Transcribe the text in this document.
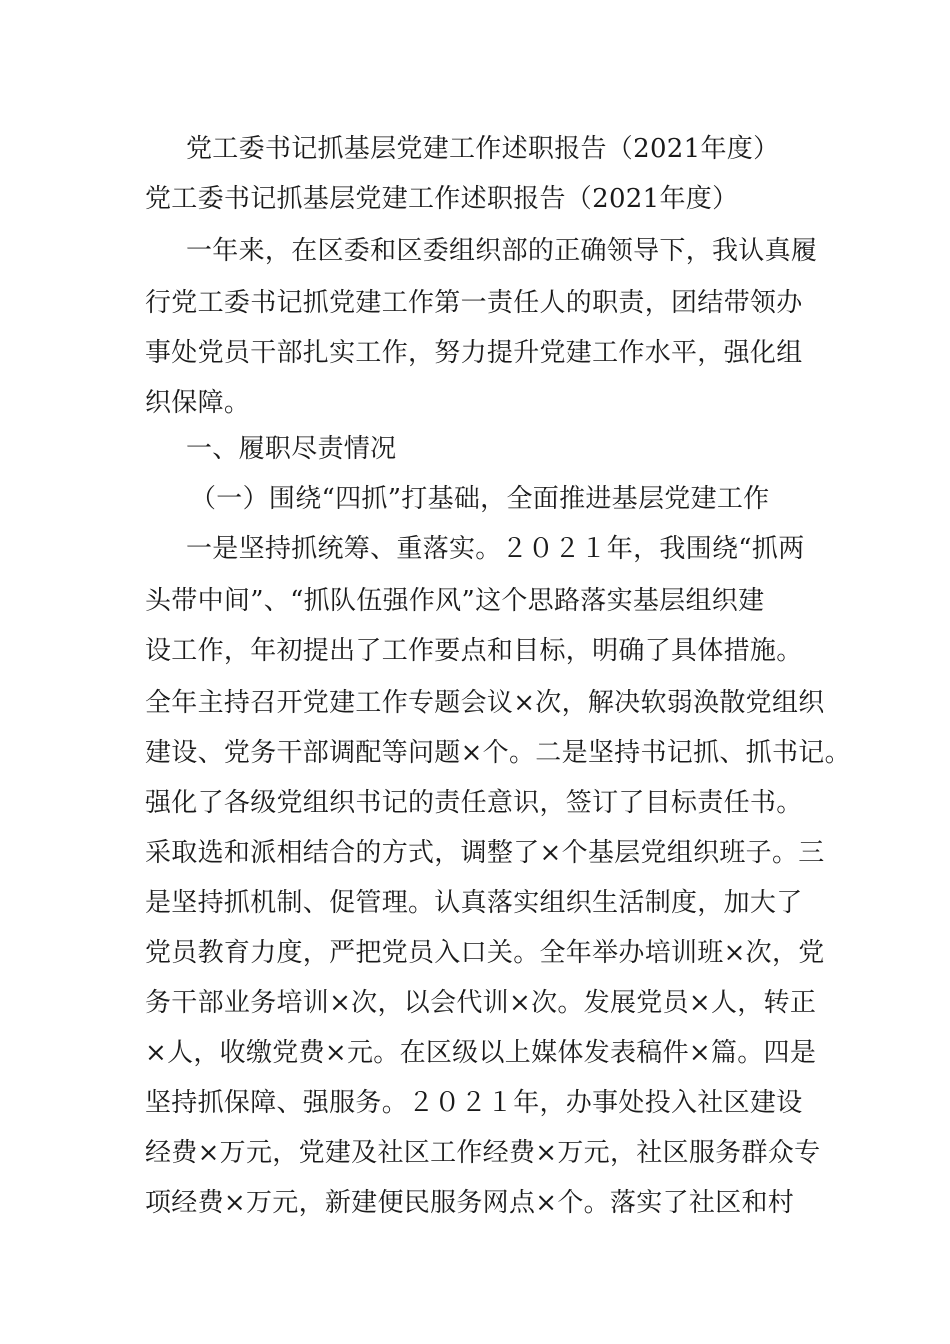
党工委书记抓基层党建工作述职报告（2021年度）
党工委书记抓基层党建工作述职报告（2021年度）
一年来，在区委和区委组织部的正确领导下，我认真履
行党工委书记抓党建工作第一责任人的职责，团结带领办
事处党员干部扎实工作，努力提升党建工作水平，强化组
织保障。
一、履职尽责情况
（一）围绕“四抓”打基础，全面推进基层党建工作
一是坚持抓统筹、重落实。２０２１年，我围绕“抓两
头带中间”、“抓队伍强作风”这个思路落实基层组织建
设工作，年初提出了工作要点和目标，明确了具体措施。
全年主持召开党建工作专题会议×次，解决软弱涣散党组织
建设、党务干部调配等问题×个。二是坚持书记抓、抓书记。
强化了各级党组织书记的责任意识，签订了目标责任书。
采取选和派相结合的方式，调整了×个基层党组织班子。三
是坚持抓机制、促管理。认真落实组织生活制度，加大了
党员教育力度，严把党员入口关。全年举办培训班×次，党
务干部业务培训×次，以会代训×次。发展党员×人，转正
×人，收缴党费×元。在区级以上媒体发表稿件×篇。四是
坚持抓保障、强服务。２０２１年，办事处投入社区建设
经费×万元，党建及社区工作经费×万元，社区服务群众专
项经费×万元，新建便民服务网点×个。落实了社区和村
